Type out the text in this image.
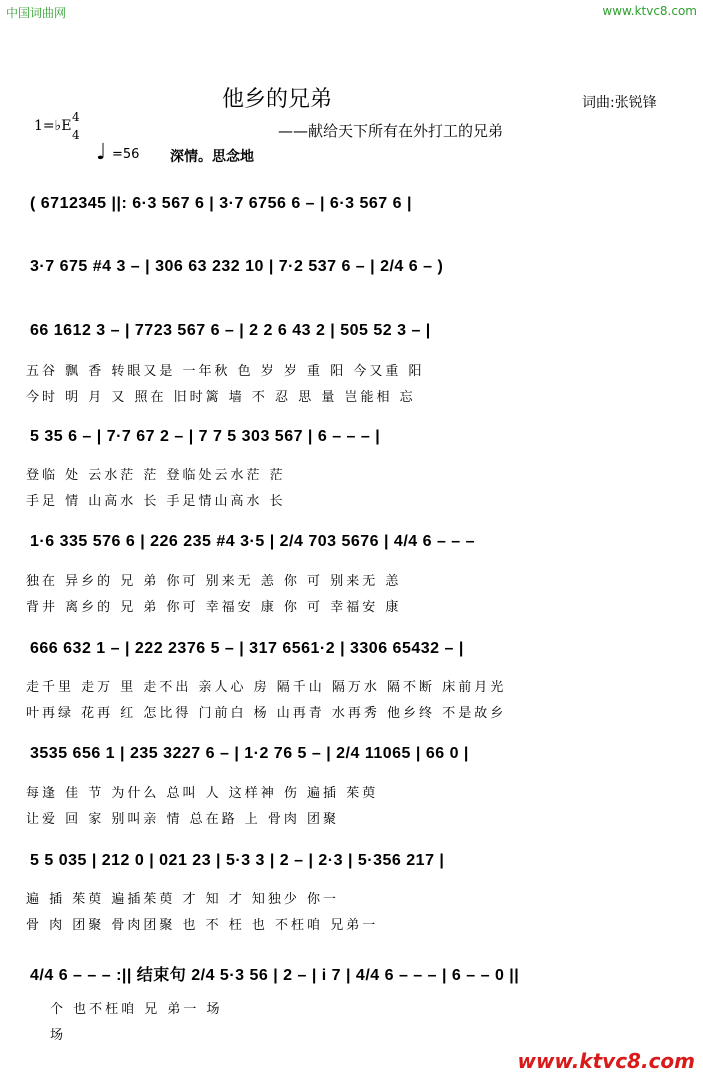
中国词曲网	www.ktvc8.com
他乡的兄弟	词曲:张锐锋
——献给天下所有在外打工的兄弟
1=♭E
4
4
♩ =56 深情。思念地
( 6712345 ||: 6·3 567 6 | 3·7 6756 6 – | 6·3 567 6 |
3·7 675 #4 3 – | 306 63 232 10 | 7·2 537 6 – | 2/4 6 – )
66 1612 3 – | 7723 567 6 – | 2 2 6 43 2 | 505 52 3 – |
五谷 飘 香 转眼又是 一年秋 色 岁 岁 重 阳 今又重 阳
今时 明 月 又 照在 旧时篱 墙 不 忍 思 量 岂能相 忘
5 35 6 – | 7·7 67 2 – | 7 7 5 303 567 | 6 – – – |
登临 处 云水茫 茫 登临处云水茫 茫
手足 情 山高水 长 手足情山高水 长
1·6 335 576 6 | 226 235 #4 3·5 | 2/4 703 5676 | 4/4 6 – – –
独在 异乡的 兄 弟 你可 别来无 恙 你 可 别来无 恙
背井 离乡的 兄 弟 你可 幸福安 康 你 可 幸福安 康
666 632 1 – | 222 2376 5 – | 317 6561·2 | 3306 65432 – |
走千里 走万 里 走不出 亲人心 房 隔千山 隔万水 隔不断 床前月光
叶再绿 花再 红 怎比得 门前白 杨 山再青 水再秀 他乡终 不是故乡
3535 656 1 | 235 3227 6 – | 1·2 76 5 – | 2/4 11065 | 66 0 |
每逢 佳 节 为什么 总叫 人 这样神 伤 遍插 茱萸
让爱 回 家 别叫亲 情 总在路 上 骨肉 团聚
5 5 035 | 212 0 | 021 23 | 5·3 3 | 2 – | 2·3 | 5·356 217 |
遍 插 茱萸 遍插茱萸 才 知 才 知独少 你一
骨 肉 团聚 骨肉团聚 也 不 枉 也 不枉咱 兄弟一
4/4 6 – – – :|| 结束句 2/4 5·3 56 | 2 – | i 7 | 4/4 6 – – – | 6 – – 0 ||
个 也不枉咱 兄 弟一 场
场
www.ktvc8.com
